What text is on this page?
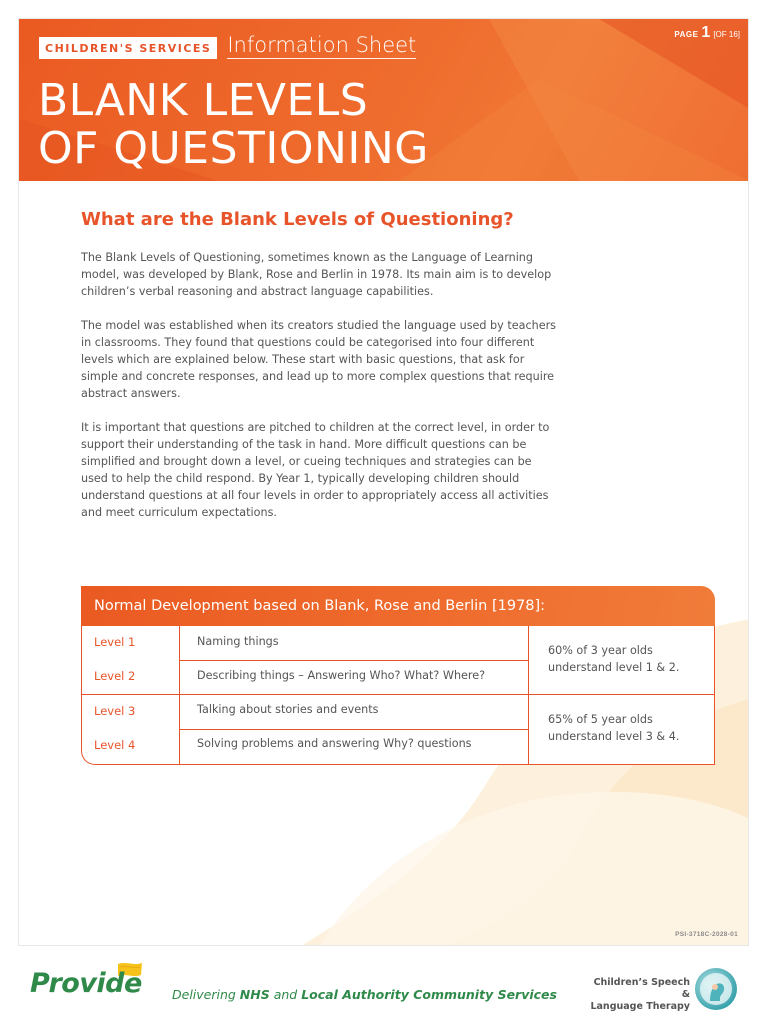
CHILDREN'S SERVICES Information Sheet	PAGE 1 [OF 16]
BLANK LEVELS
OF QUESTIONING
What are the Blank Levels of Questioning?

The Blank Levels of Questioning, sometimes known as the Language of Learning model, was developed by Blank, Rose and Berlin in 1978. Its main aim is to develop children’s verbal reasoning and abstract language capabilities.

The model was established when its creators studied the language used by teachers in classrooms. They found that questions could be categorised into four different levels which are explained below. These start with basic questions, that ask for simple and concrete responses, and lead up to more complex questions that require abstract answers.

It is important that questions are pitched to children at the correct level, in order to support their understanding of the task in hand. More difficult questions can be simplified and brought down a level, or cueing techniques and strategies can be used to help the child respond. By Year 1, typically developing children should understand questions at all four levels in order to appropriately access all activities and meet curriculum expectations.

Normal Development based on Blank, Rose and Berlin [1978]:
Level 1	Naming things
Level 2	Describing things – Answering Who? What? Where?
Level 3	Talking about stories and events
Level 4	Solving problems and answering Why? questions
60% of 3 year olds
understand level 1 & 2.
65% of 5 year olds
understand level 3 & 4.
PSI-3718C-2028-01
Provide Delivering NHS and Local Authority Community Services
Children’s Speech &
Language Therapy
